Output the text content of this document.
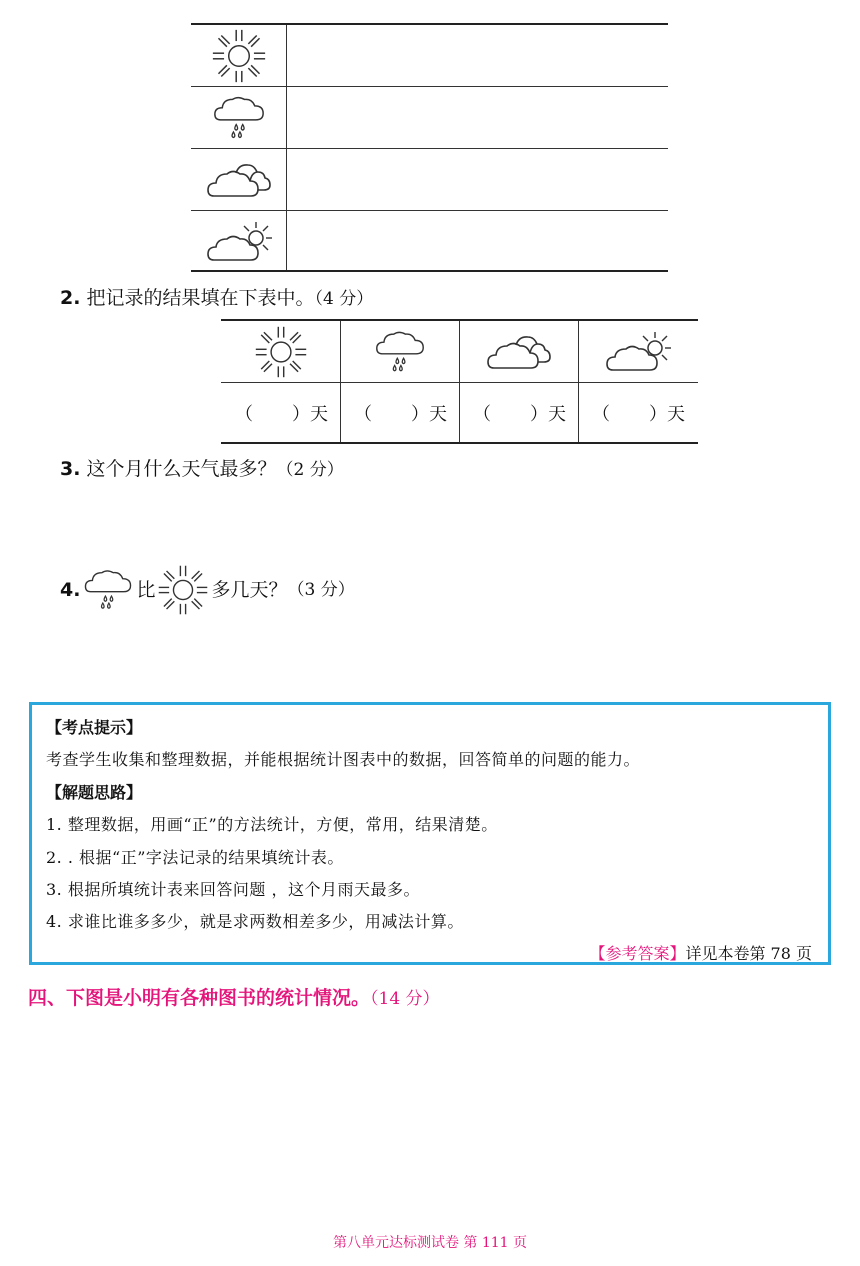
2. 把记录的结果填在下表中。（4 分）
（ ）天 （ ）天 （ ）天 （ ）天
3. 这个月什么天气最多？（2 分）
4.	比	多几天？ （3 分）
【考点提示】
考查学生收集和整理数据，并能根据统计图表中的数据，回答简单的问题的能力。
【解题思路】
1. 整理数据，用画“正”的方法统计，方便，常用，结果清楚。
2. . 根据“正”字法记录的结果填统计表。
3. 根据所填统计表来回答问题 ，这个月雨天最多。
4. 求谁比谁多多少，就是求两数相差多少，用减法计算。
【参考答案】详见本卷第 78 页
四、下图是小明有各种图书的统计情况。（14 分）
第八单元达标测试卷 第 111 页
